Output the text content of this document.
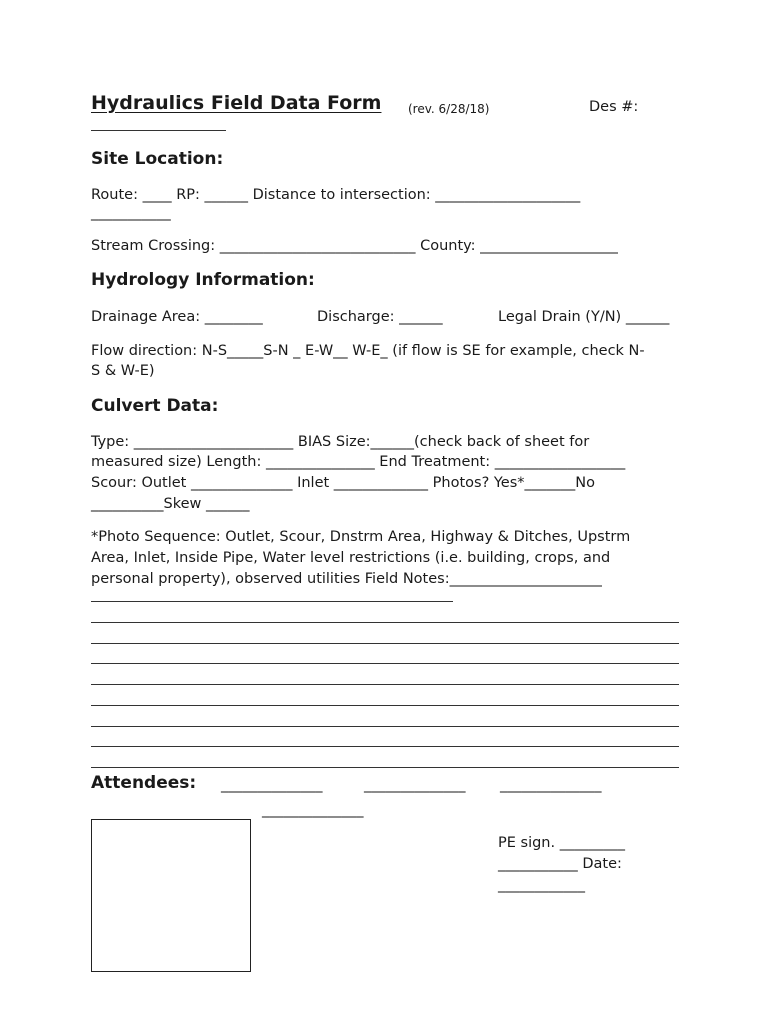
Hydraulics Field Data Form (rev. 6/28/18)	Des #:
Site Location:
Route: ____ RP: ______ Distance to intersection: ____________________
___________
Stream Crossing: ___________________________ County: ___________________
Hydrology Information:
Drainage Area: ________	Discharge: ______	Legal Drain (Y/N) ______
Flow direction: N-S_____S-N _ E-W__ W-E_ (if flow is SE for example, check N-
S & W-E)
Culvert Data:
Type: ______________________ BIAS Size:______(check back of sheet for
measured size) Length: _______________ End Treatment: __________________
Scour: Outlet ______________ Inlet _____________ Photos? Yes*_______No
__________Skew ______
*Photo Sequence: Outlet, Scour, Dnstrm Area, Highway & Ditches, Upstrm
Area, Inlet, Inside Pipe, Water level restrictions (i.e. building, crops, and
personal property), observed utilities Field Notes:_____________________
Attendees: ______________	______________ ______________
______________
PE sign. _________
___________ Date:
____________
